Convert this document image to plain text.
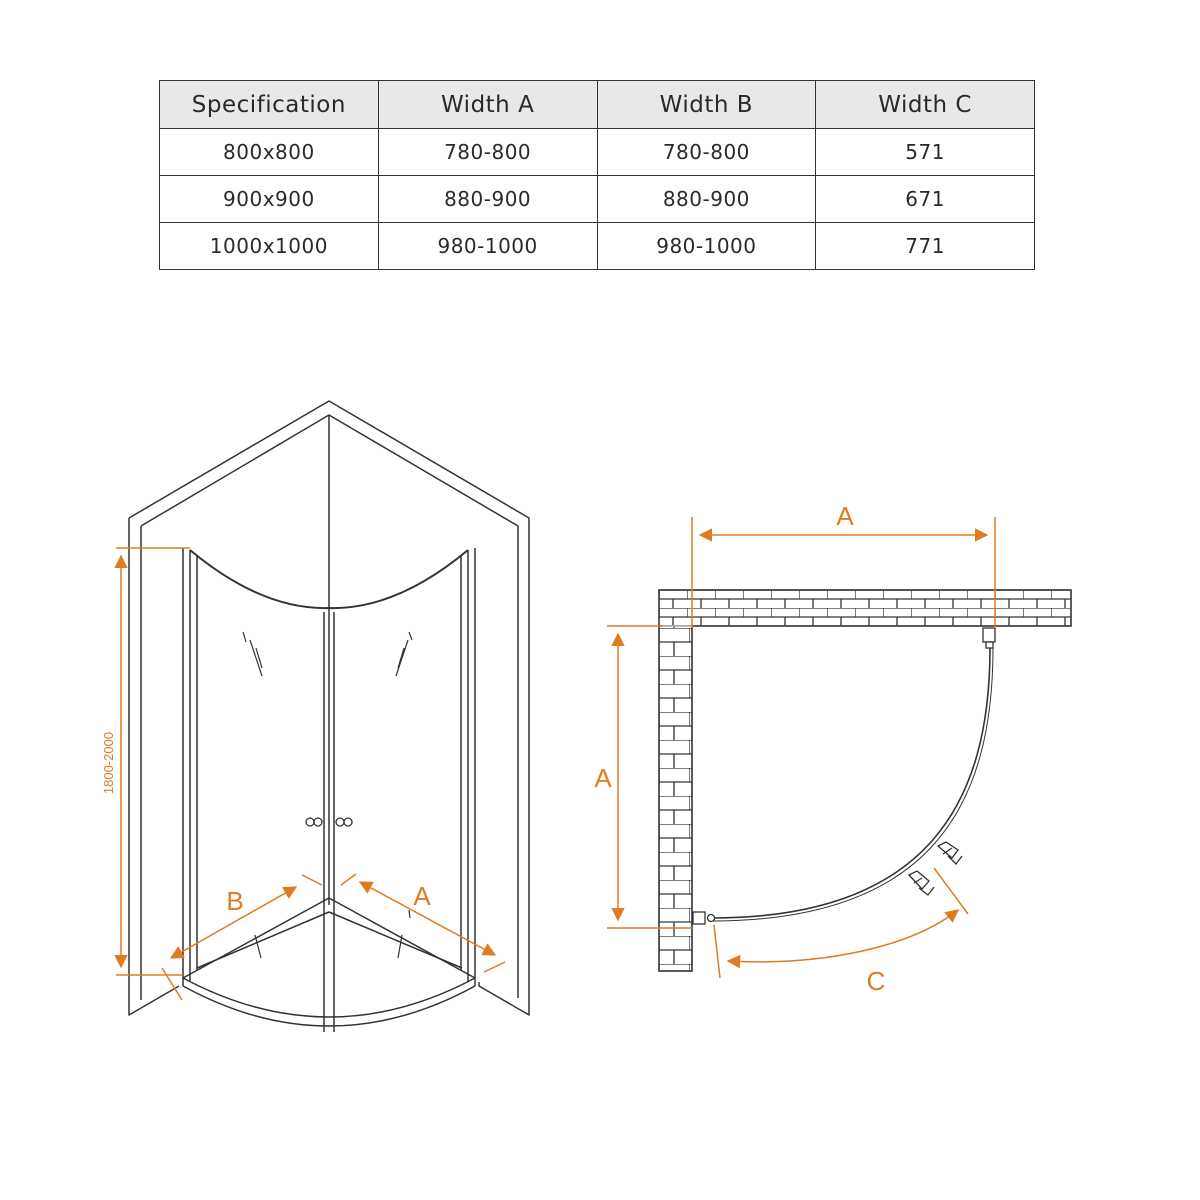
Specification	Width A	Width B	Width C
800x800	780-800	780-800	571
900x900	880-900	880-900	671
1000x1000	980-1000	980-1000	771
1800-2000
B	A
A
A
C
